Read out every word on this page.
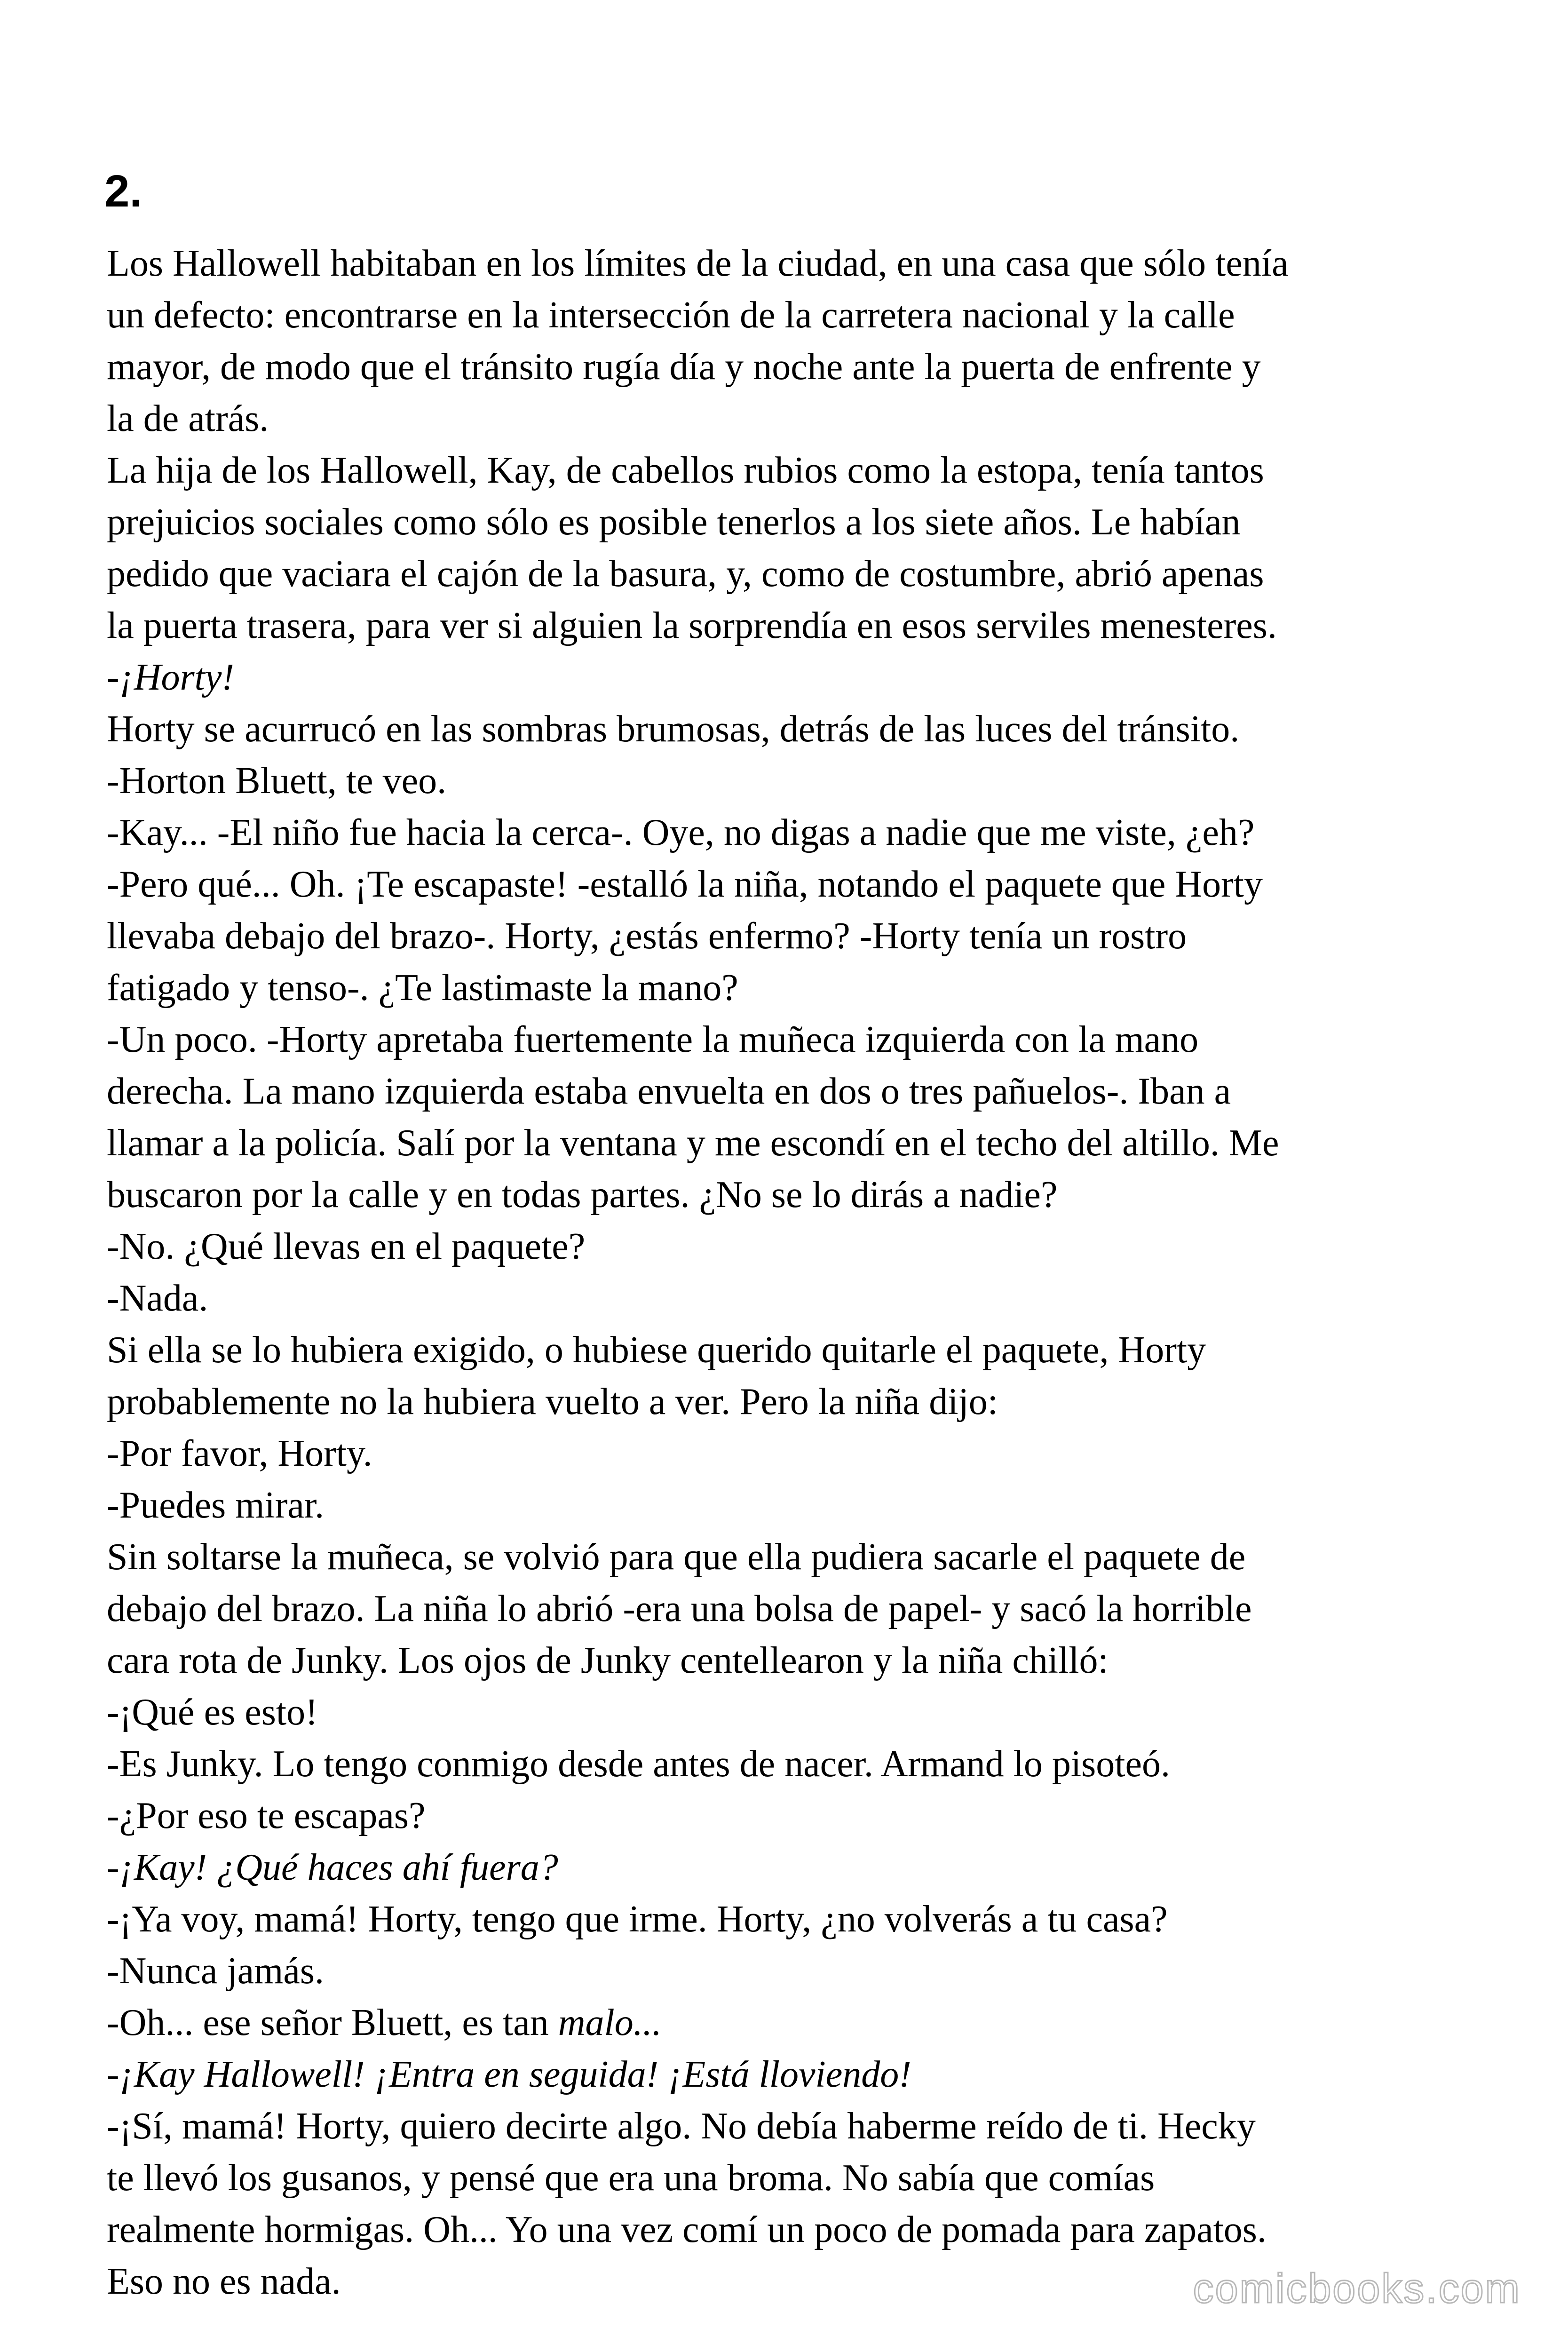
2.
Los Hallowell habitaban en los límites de la ciudad, en una casa que sólo tenía
un defecto: encontrarse en la intersección de la carretera nacional y la calle
mayor, de modo que el tránsito rugía día y noche ante la puerta de enfrente y
la de atrás.
La hija de los Hallowell, Kay, de cabellos rubios como la estopa, tenía tantos
prejuicios sociales como sólo es posible tenerlos a los siete años. Le habían
pedido que vaciara el cajón de la basura, y, como de costumbre, abrió apenas
la puerta trasera, para ver si alguien la sorprendía en esos serviles menesteres.
-¡Horty!
Horty se acurrucó en las sombras brumosas, detrás de las luces del tránsito.
-Horton Bluett, te veo.
-Kay... -El niño fue hacia la cerca-. Oye, no digas a nadie que me viste, ¿eh?
-Pero qué... Oh. ¡Te escapaste! -estalló la niña, notando el paquete que Horty
llevaba debajo del brazo-. Horty, ¿estás enfermo? -Horty tenía un rostro
fatigado y tenso-. ¿Te lastimaste la mano?
-Un poco. -Horty apretaba fuertemente la muñeca izquierda con la mano
derecha. La mano izquierda estaba envuelta en dos o tres pañuelos-. Iban a
llamar a la policía. Salí por la ventana y me escondí en el techo del altillo. Me
buscaron por la calle y en todas partes. ¿No se lo dirás a nadie?
-No. ¿Qué llevas en el paquete?
-Nada.
Si ella se lo hubiera exigido, o hubiese querido quitarle el paquete, Horty
probablemente no la hubiera vuelto a ver. Pero la niña dijo:
-Por favor, Horty.
-Puedes mirar.
Sin soltarse la muñeca, se volvió para que ella pudiera sacarle el paquete de
debajo del brazo. La niña lo abrió -era una bolsa de papel- y sacó la horrible
cara rota de Junky. Los ojos de Junky centellearon y la niña chilló:
-¡Qué es esto!
-Es Junky. Lo tengo conmigo desde antes de nacer. Armand lo pisoteó.
-¿Por eso te escapas?
-¡Kay! ¿Qué haces ahí fuera?
-¡Ya voy, mamá! Horty, tengo que irme. Horty, ¿no volverás a tu casa?
-Nunca jamás.
-Oh... ese señor Bluett, es tan malo...
-¡Kay Hallowell! ¡Entra en seguida! ¡Está lloviendo!
-¡Sí, mamá! Horty, quiero decirte algo. No debía haberme reído de ti. Hecky
te llevó los gusanos, y pensé que era una broma. No sabía que comías
realmente hormigas. Oh... Yo una vez comí un poco de pomada para zapatos.
Eso no es nada.	comicbooks.com
